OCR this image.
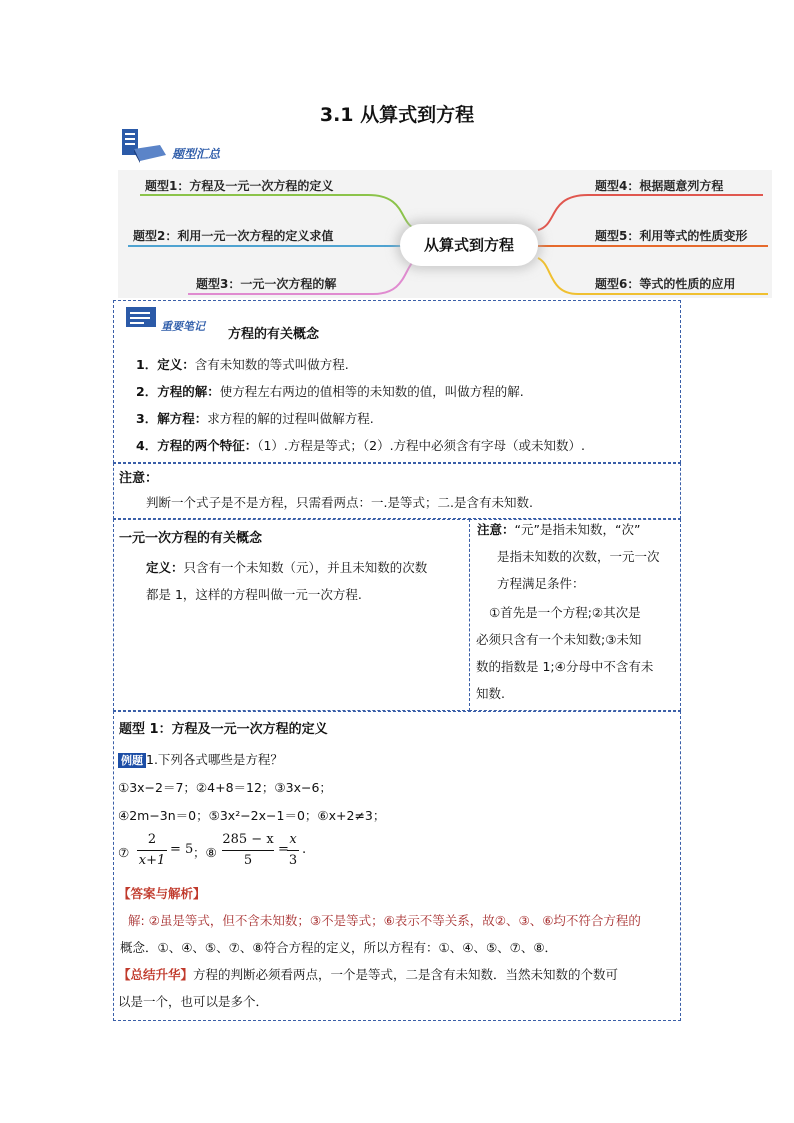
3.1 从算式到方程
题型汇总
从算式到方程
题型1：方程及一元一次方程的定义
题型2：利用一元一次方程的定义求值
题型3：一元一次方程的解
题型4：根据题意列方程
题型5：利用等式的性质变形
题型6：等式的性质的应用
重要笔记
方程的有关概念
1．定义：含有未知数的等式叫做方程.
2．方程的解：使方程左右两边的值相等的未知数的值，叫做方程的解.
3．解方程：求方程的解的过程叫做解方程.
4．方程的两个特征：（1）.方程是等式；（2）.方程中必须含有字母（或未知数）.
注意：
判断一个式子是不是方程，只需看两点：一.是等式；二.是含有未知数.
一元一次方程的有关概念
定义：只含有一个未知数（元），并且未知数的次数
都是 1，这样的方程叫做一元一次方程.
注意：“元”是指未知数，“次”
是指未知数的次数，一元一次
方程满足条件：
①首先是一个方程;②其次是
必须只含有一个未知数;③未知
数的指数是 1;④分母中不含有未
知数.
题型 1：方程及一元一次方程的定义
例题 1.下列各式哪些是方程？
①3x−2＝7；②4+8＝12；③3x−6；
④2m−3n＝0；⑤3x²−2x−1＝0；⑥x+2≠3；
⑦
2
x+1
= 5 ；⑧
285 − x
5
=
x
3
.
【答案与解析】
解: ②虽是等式，但不含未知数；③不是等式；⑥表示不等关系，故②、③、⑥均不符合方程的
概念．①、④、⑤、⑦、⑧符合方程的定义，所以方程有：①、④、⑤、⑦、⑧．
【总结升华】方程的判断必须看两点，一个是等式，二是含有未知数．当然未知数的个数可
以是一个，也可以是多个．
